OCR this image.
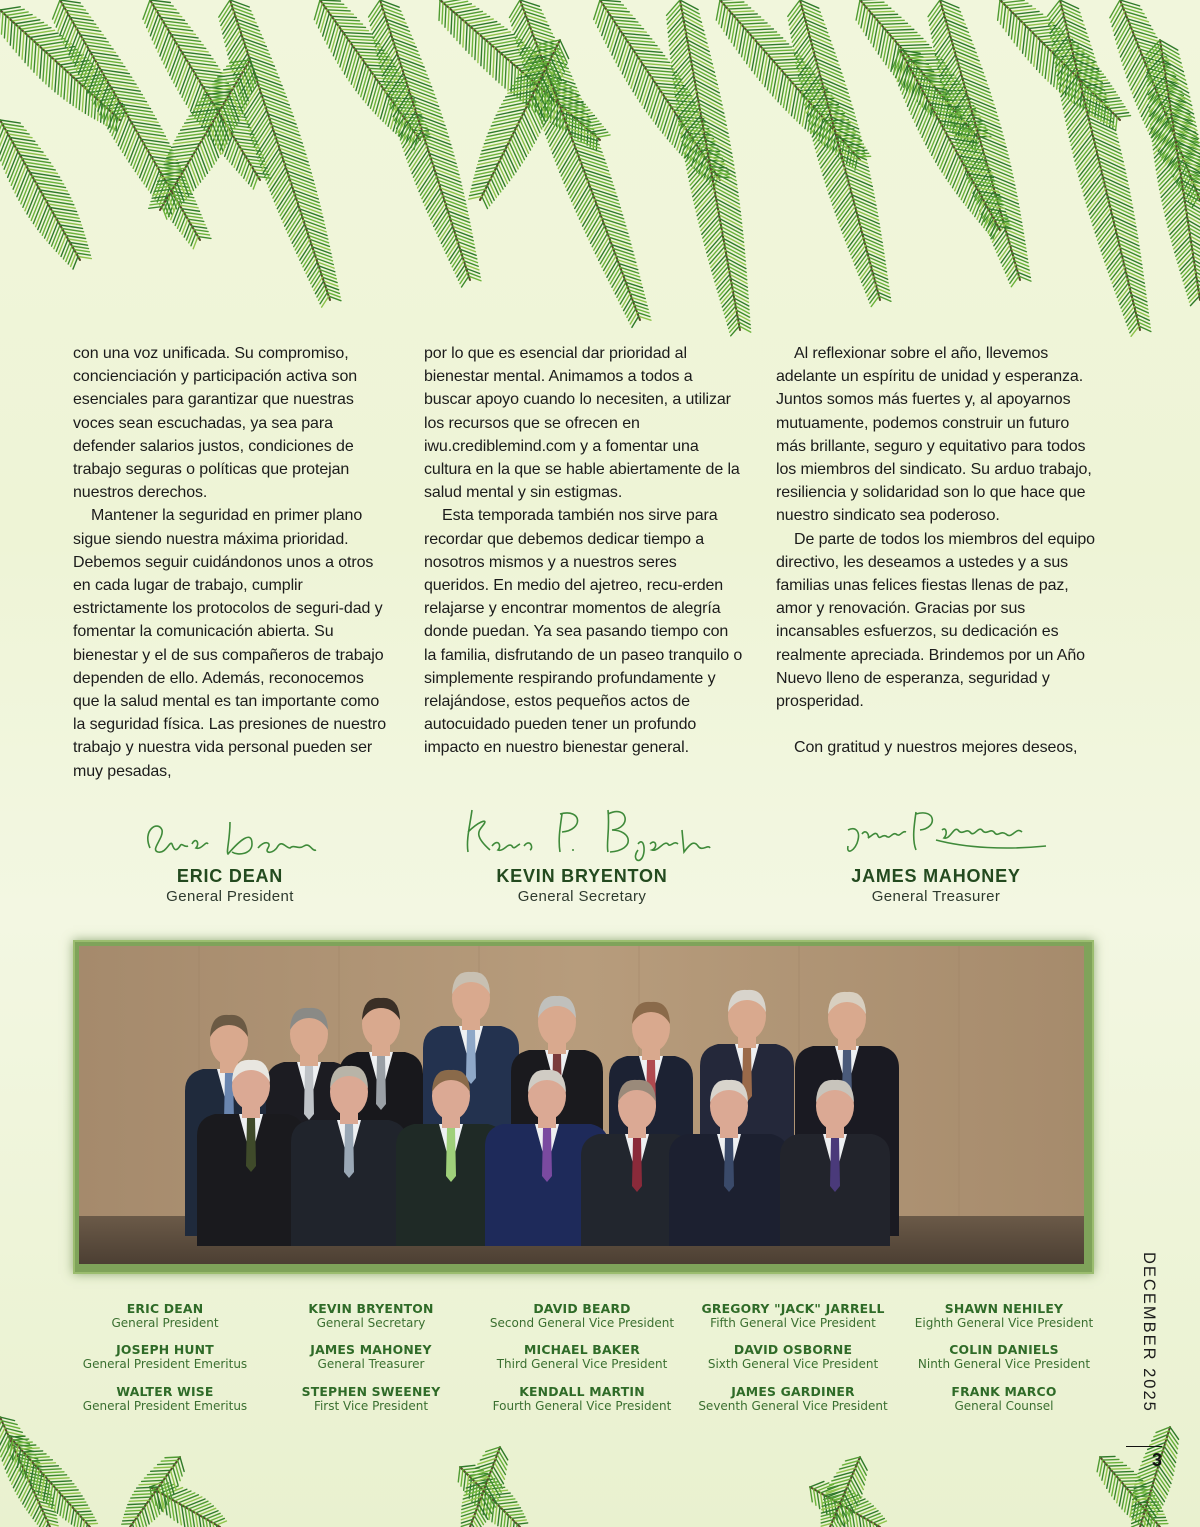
con una voz unificada. Su compromiso, concienciación y participación activa son esenciales para garantizar que nuestras voces sean escuchadas, ya sea para defender salarios justos, condiciones de trabajo seguras o políticas que protejan nuestros derechos.

Mantener la seguridad en primer plano sigue siendo nuestra máxima prioridad. Debemos seguir cuidándonos unos a otros en cada lugar de trabajo, cumplir estrictamente los protocolos de seguri-dad y fomentar la comunicación abierta. Su bienestar y el de sus compañeros de trabajo dependen de ello. Además, reconocemos que la salud mental es tan importante como la seguridad física. Las presiones de nuestro trabajo y nuestra vida personal pueden ser muy pesadas,

por lo que es esencial dar prioridad al bienestar mental. Animamos a todos a buscar apoyo cuando lo necesiten, a utilizar los recursos que se ofrecen en iwu.crediblemind.com y a fomentar una cultura en la que se hable abiertamente de la salud mental y sin estigmas.

Esta temporada también nos sirve para recordar que debemos dedicar tiempo a nosotros mismos y a nuestros seres queridos. En medio del ajetreo, recu-erden relajarse y encontrar momentos de alegría donde puedan. Ya sea pasando tiempo con la familia, disfrutando de un paseo tranquilo o simplemente respirando profundamente y relajándose, estos pequeños actos de autocuidado pueden tener un profundo impacto en nuestro bienestar general.

Al reflexionar sobre el año, llevemos adelante un espíritu de unidad y esperanza. Juntos somos más fuertes y, al apoyarnos mutuamente, podemos construir un futuro más brillante, seguro y equitativo para todos los miembros del sindicato. Su arduo trabajo, resiliencia y solidaridad son lo que hace que nuestro sindicato sea poderoso.

De parte de todos los miembros del equipo directivo, les deseamos a ustedes y a sus familias unas felices fiestas llenas de paz, amor y renovación. Gracias por sus incansables esfuerzos, su dedicación es realmente apreciada. Brindemos por un Año Nuevo lleno de esperanza, seguridad y prosperidad.

Con gratitud y nuestros mejores deseos,

ERIC DEAN
General President
KEVIN BRYENTON
General Secretary
JAMES MAHONEY
General Treasurer
ERIC DEAN
General President
JOSEPH HUNT
General President Emeritus
WALTER WISE
General President Emeritus
KEVIN BRYENTON
General Secretary
JAMES MAHONEY
General Treasurer
STEPHEN SWEENEY
First Vice President
DAVID BEARD
Second General Vice President
MICHAEL BAKER
Third General Vice President
KENDALL MARTIN
Fourth General Vice President
GREGORY "JACK" JARRELL
Fifth General Vice President
DAVID OSBORNE
Sixth General Vice President
JAMES GARDINER
Seventh General Vice President
SHAWN NEHILEY
Eighth General Vice President
COLIN DANIELS
Ninth General Vice President
FRANK MARCO
General Counsel	DECEMBER 2025
3
